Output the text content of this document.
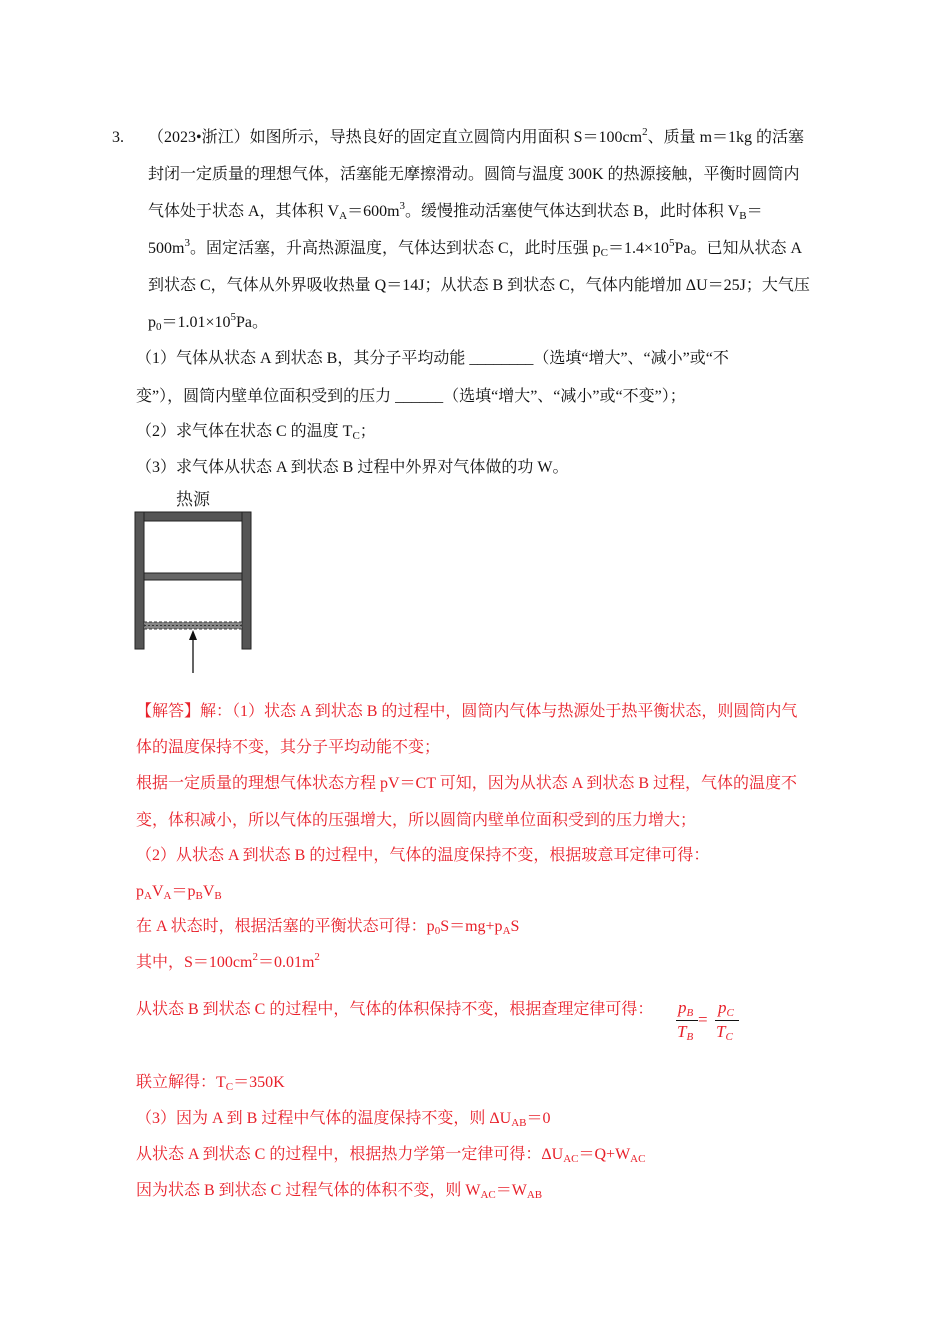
3. （2023•浙江）如图所示，导热良好的固定直立圆筒内用面积 $S=100cm^2$、质量 m＝1kg 的活塞
封闭一定质量的理想气体，活塞能无摩擦滑动。圆筒与温度 300K 的热源接触，平衡时圆筒内
气体处于状态 A，其体积 $V_A=600m^3$。缓慢推动活塞使气体达到状态 B，此时体积 $V_B=$
$500m^3$。固定活塞，升高热源温度，气体达到状态 C，此时压强 $p_C=1.4\times 10^5Pa$。已知从状态 A
到状态 C，气体从外界吸收热量 Q＝14J；从状态 B 到状态 C，气体内能增加 ΔU＝25J；大气压
$p_0=1.01\times 10^5Pa$。
（1）气体从状态 A 到状态 B，其分子平均动能 ________（选填“增大”、“减小”或“不
变”），圆筒内壁单位面积受到的压力 ______（选填“增大”、“减小”或“不变”）；
（2）求气体在状态 C 的温度 $T_C$；
（3）求气体从状态 A 到状态 B 过程中外界对气体做的功 W。
热源
【解答】解：（1）状态 A 到状态 B 的过程中，圆筒内气体与热源处于热平衡状态，则圆筒内气
体的温度保持不变，其分子平均动能不变；
根据一定质量的理想气体状态方程 pV＝CT 可知，因为从状态 A 到状态 B 过程，气体的温度不
变，体积减小，所以气体的压强增大，所以圆筒内壁单位面积受到的压力增大；
（2）从状态 A 到状态 B 的过程中，气体的温度保持不变，根据玻意耳定律可得：
$p_AV_A=p_BV_B$
在 A 状态时，根据活塞的平衡状态可得：$p_0S=mg+p_AS$
其中，$S=100cm^2=0.01m^2$
从状态 B 到状态 C 的过程中，气体的体积保持不变，根据查理定律可得： $p_B$
$T_B$
=
$p_C$
$T_C$
联立解得：$T_C=350K$
（3）因为 A 到 B 过程中气体的温度保持不变，则 $\Delta U_{AB}=0$
从状态 A 到状态 C 的过程中，根据热力学第一定律可得：$\Delta U_{AC}=Q+W_{AC}$
因为状态 B 到状态 C 过程气体的体积不变，则 $W_{AC}=W_{AB}$
